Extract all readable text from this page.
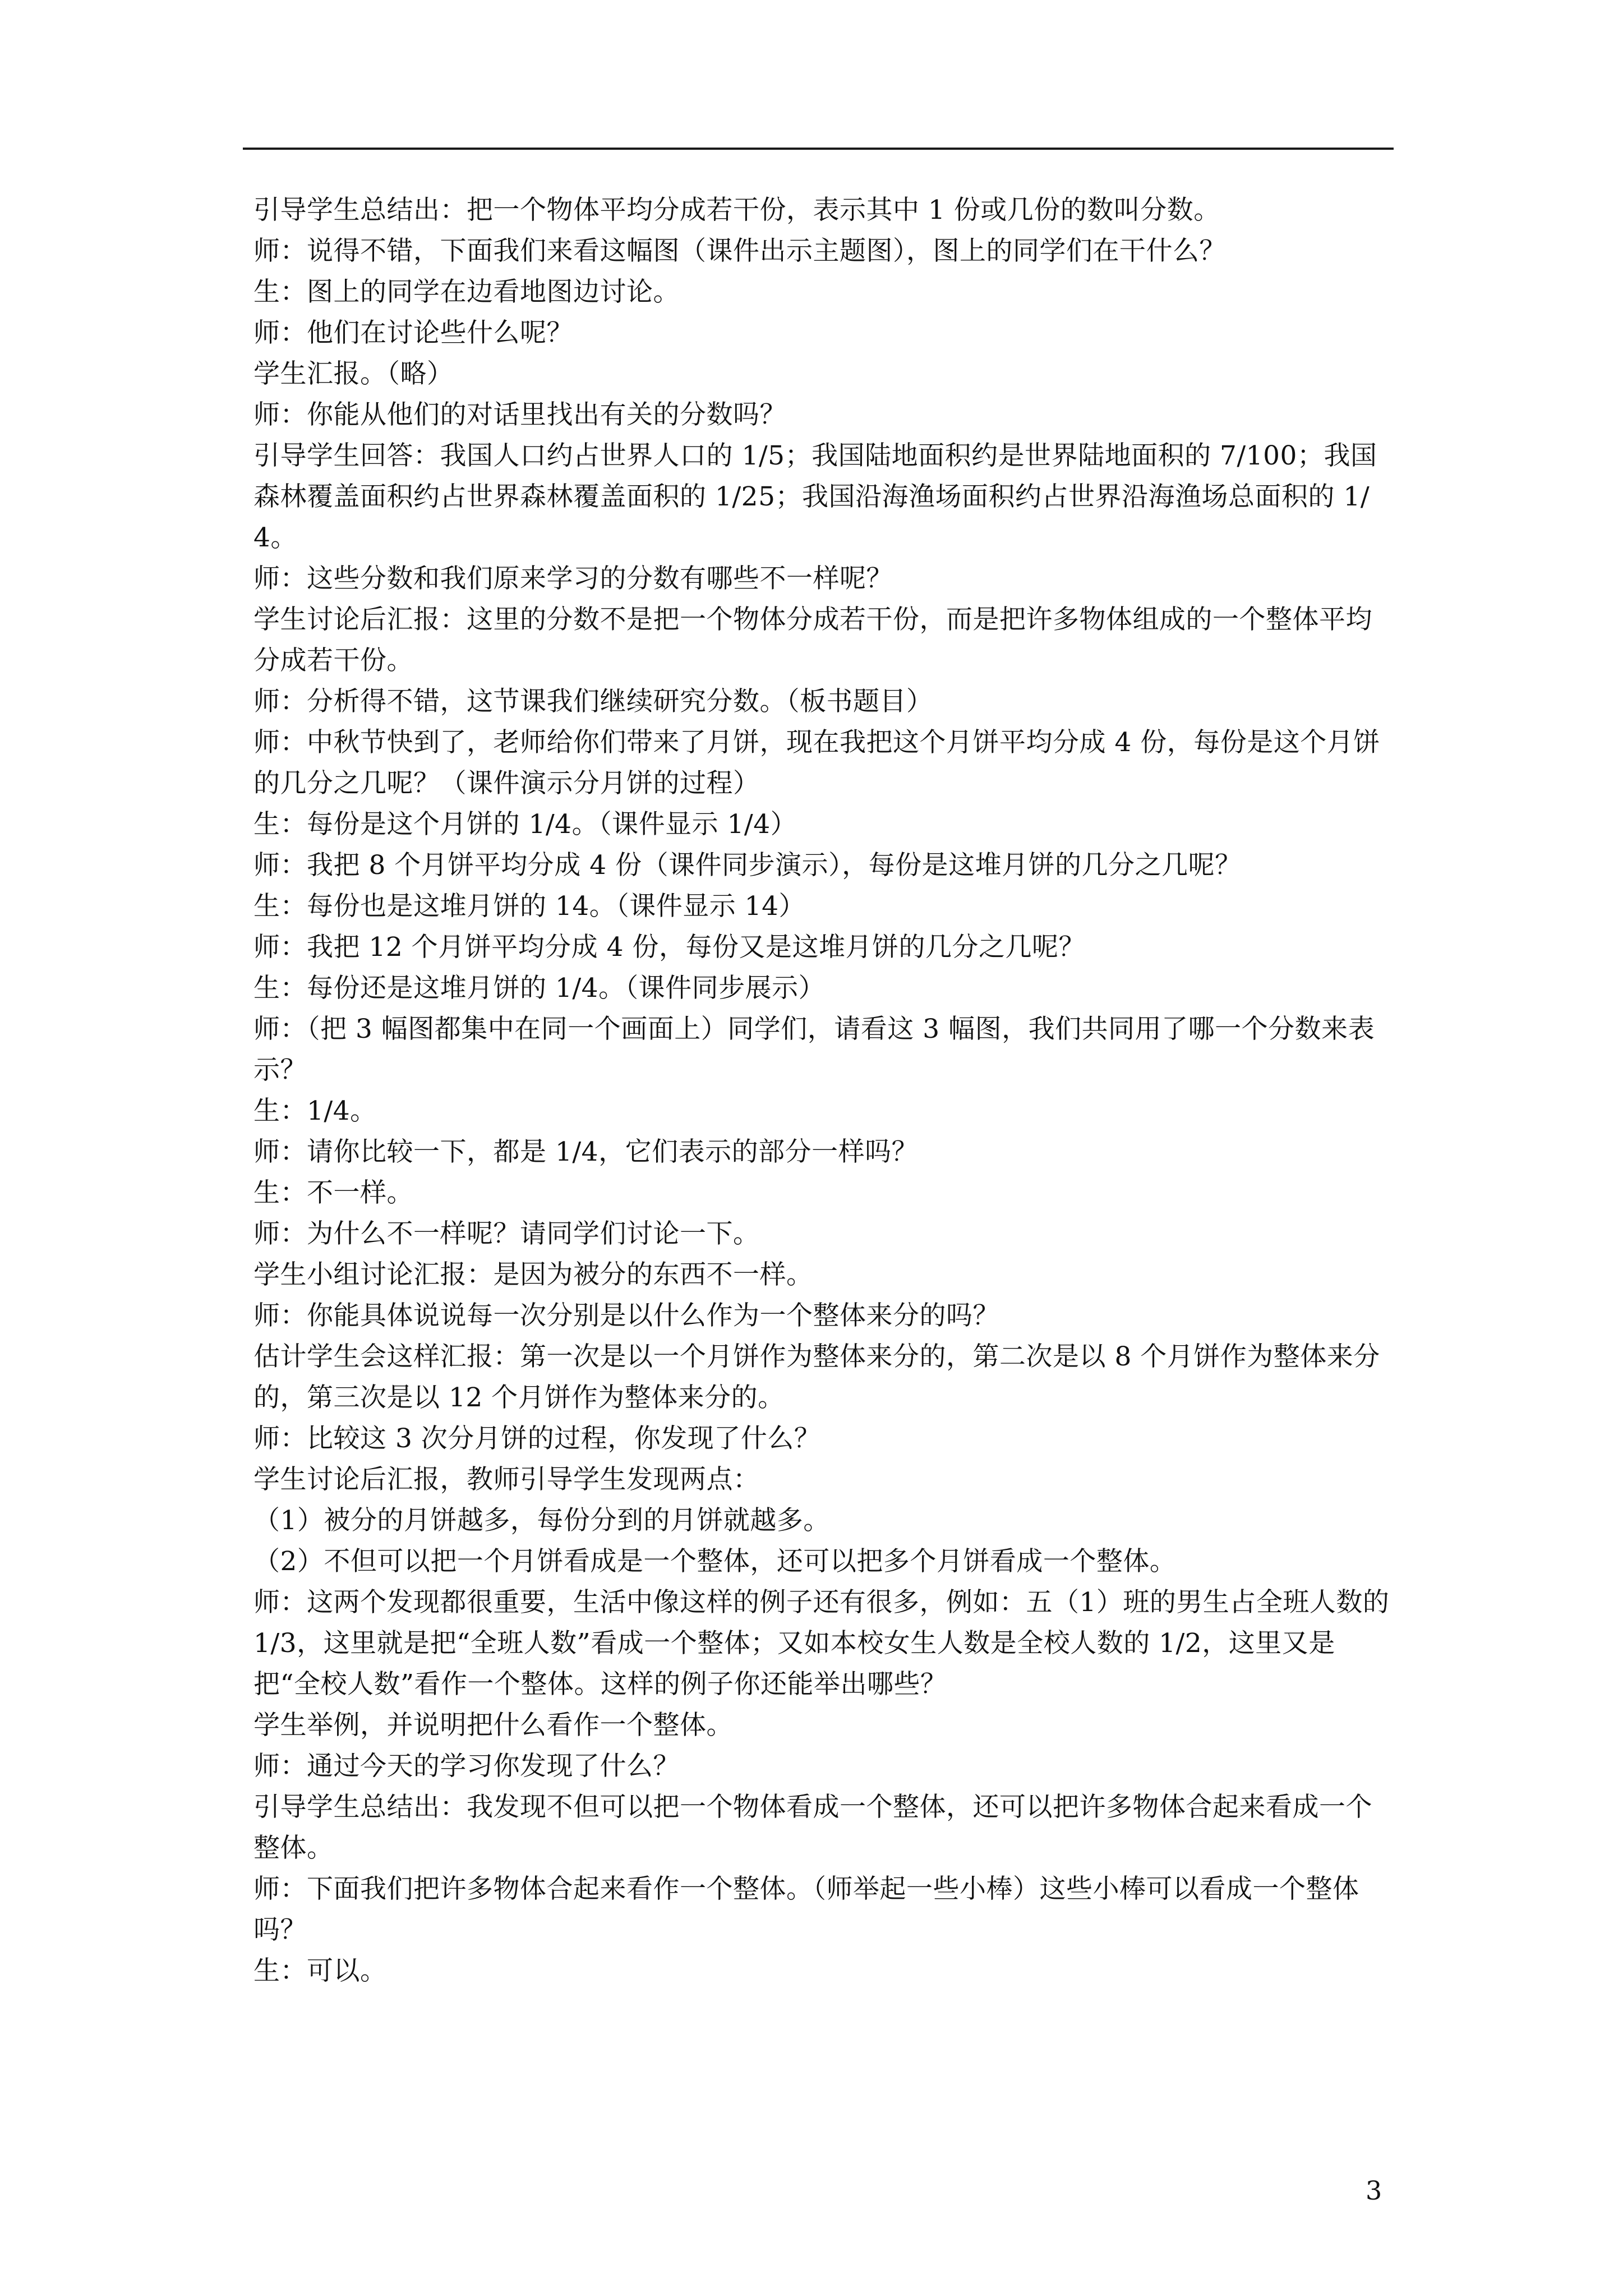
引导学生总结出：把一个物体平均分成若干份，表示其中 1 份或几份的数叫分数。

师：说得不错，下面我们来看这幅图（课件出示主题图），图上的同学们在干什么？

生：图上的同学在边看地图边讨论。

师：他们在讨论些什么呢？

学生汇报。（略）

师：你能从他们的对话里找出有关的分数吗？

引导学生回答：我国人口约占世界人口的 1/5；我国陆地面积约是世界陆地面积的 7/100；我国森林覆盖面积约占世界森林覆盖面积的 1/25；我国沿海渔场面积约占世界沿海渔场总面积的 1/4。

师：这些分数和我们原来学习的分数有哪些不一样呢？

学生讨论后汇报：这里的分数不是把一个物体分成若干份，而是把许多物体组成的一个整体平均分成若干份。

师：分析得不错，这节课我们继续研究分数。（板书题目）

师：中秋节快到了，老师给你们带来了月饼，现在我把这个月饼平均分成 4 份，每份是这个月饼的几分之几呢？（课件演示分月饼的过程）

生：每份是这个月饼的 1/4。（课件显示 1/4）

师：我把 8 个月饼平均分成 4 份（课件同步演示），每份是这堆月饼的几分之几呢？

生：每份也是这堆月饼的 14。（课件显示 14）

师：我把 12 个月饼平均分成 4 份，每份又是这堆月饼的几分之几呢？

生：每份还是这堆月饼的 1/4。（课件同步展示）

师：（把 3 幅图都集中在同一个画面上）同学们，请看这 3 幅图，我们共同用了哪一个分数来表示？

生：1/4。

师：请你比较一下，都是 1/4，它们表示的部分一样吗？

生：不一样。

师：为什么不一样呢？请同学们讨论一下。

学生小组讨论汇报：是因为被分的东西不一样。

师：你能具体说说每一次分别是以什么作为一个整体来分的吗？

估计学生会这样汇报：第一次是以一个月饼作为整体来分的，第二次是以 8 个月饼作为整体来分的，第三次是以 12 个月饼作为整体来分的。

师：比较这 3 次分月饼的过程，你发现了什么？

学生讨论后汇报，教师引导学生发现两点：

（1）被分的月饼越多，每份分到的月饼就越多。

（2）不但可以把一个月饼看成是一个整体，还可以把多个月饼看成一个整体。

师：这两个发现都很重要，生活中像这样的例子还有很多，例如：五（1）班的男生占全班人数的 1/3，这里就是把“全班人数”看成一个整体；又如本校女生人数是全校人数的 1/2，这里又是把“全校人数”看作一个整体。这样的例子你还能举出哪些？

学生举例，并说明把什么看作一个整体。

师：通过今天的学习你发现了什么？

引导学生总结出：我发现不但可以把一个物体看成一个整体，还可以把许多物体合起来看成一个整体。

师：下面我们把许多物体合起来看作一个整体。（师举起一些小棒）这些小棒可以看成一个整体吗？

生：可以。

3
